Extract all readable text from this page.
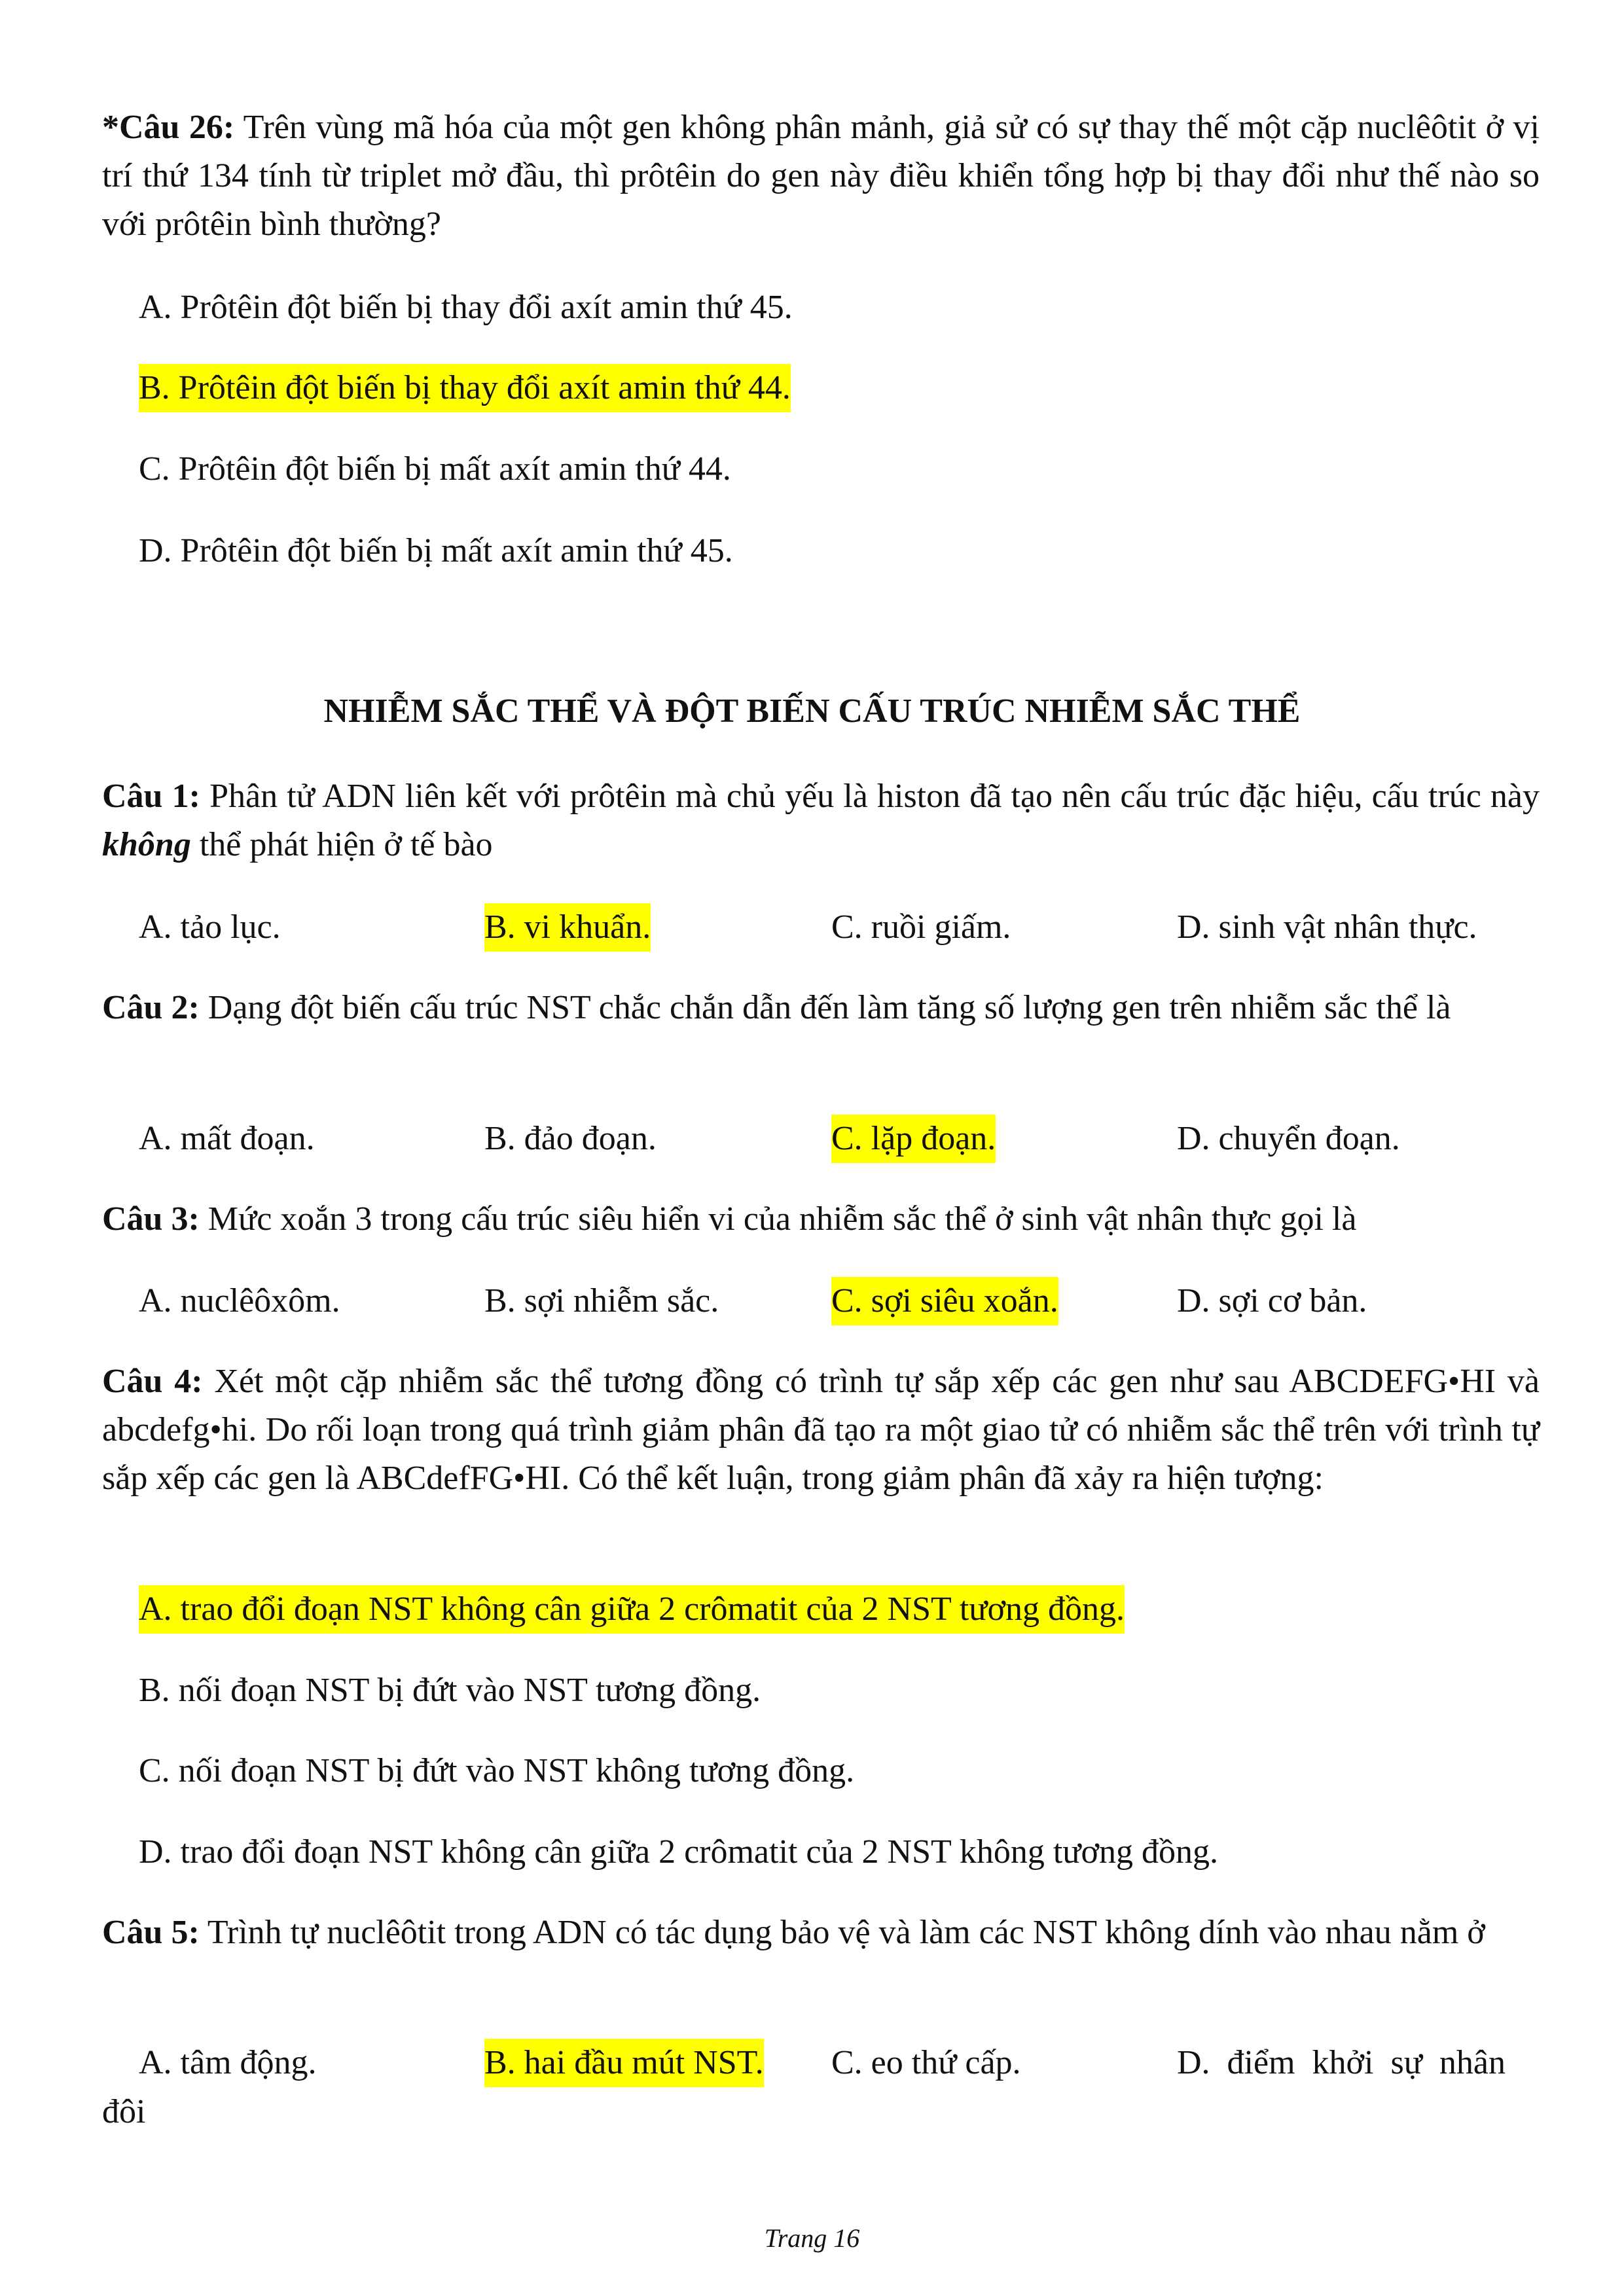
*Câu 26: Trên vùng mã hóa của một gen không phân mảnh, giả sử có sự thay thế một cặp nuclêôtit ở vị trí thứ 134 tính từ triplet mở đầu, thì prôtêin do gen này điều khiển tổng hợp bị thay đổi như thế nào so với prôtêin bình thường?

A. Prôtêin đột biến bị thay đổi axít amin thứ 45.
B. Prôtêin đột biến bị thay đổi axít amin thứ 44.
C. Prôtêin đột biến bị mất axít amin thứ 44.
D. Prôtêin đột biến bị mất axít amin thứ 45.
NHIỄM SẮC THỂ VÀ ĐỘT BIẾN CẤU TRÚC NHIỄM SẮC THỂ

Câu 1: Phân tử ADN liên kết với prôtêin mà chủ yếu là histon đã tạo nên cấu trúc đặc hiệu, cấu trúc này không thể phát hiện ở tế bào

A. tảo lục.	B. vi khuẩn.	C. ruồi giấm.	D. sinh vật nhân thực.

Câu 2: Dạng đột biến cấu trúc NST chắc chắn dẫn đến làm tăng số lượng gen trên nhiễm sắc thể là

A. mất đoạn.	B. đảo đoạn.	C. lặp đoạn.	D. chuyển đoạn.

Câu 3: Mức xoắn 3 trong cấu trúc siêu hiển vi của nhiễm sắc thể ở sinh vật nhân thực gọi là

A. nuclêôxôm.	B. sợi nhiễm sắc.	C. sợi siêu xoắn.	D. sợi cơ bản.

Câu 4: Xét một cặp nhiễm sắc thể tương đồng có trình tự sắp xếp các gen như sau ABCDEFG•HI và abcdefg•hi. Do rối loạn trong quá trình giảm phân đã tạo ra một giao tử có nhiễm sắc thể trên với trình tự sắp xếp các gen là ABCdefFG•HI. Có thể kết luận, trong giảm phân đã xảy ra hiện tượng:

A. trao đổi đoạn NST không cân giữa 2 crômatit của 2 NST tương đồng.
B. nối đoạn NST bị đứt vào NST tương đồng.
C. nối đoạn NST bị đứt vào NST không tương đồng.
D. trao đổi đoạn NST không cân giữa 2 crômatit của 2 NST không tương đồng.

Câu 5: Trình tự nuclêôtit trong ADN có tác dụng bảo vệ và làm các NST không dính vào nhau nằm ở

A. tâm động.	B. hai đầu mút NST. C. eo thứ cấp.	D.  điểm  khởi  sự  nhân
đôi
Trang 16
